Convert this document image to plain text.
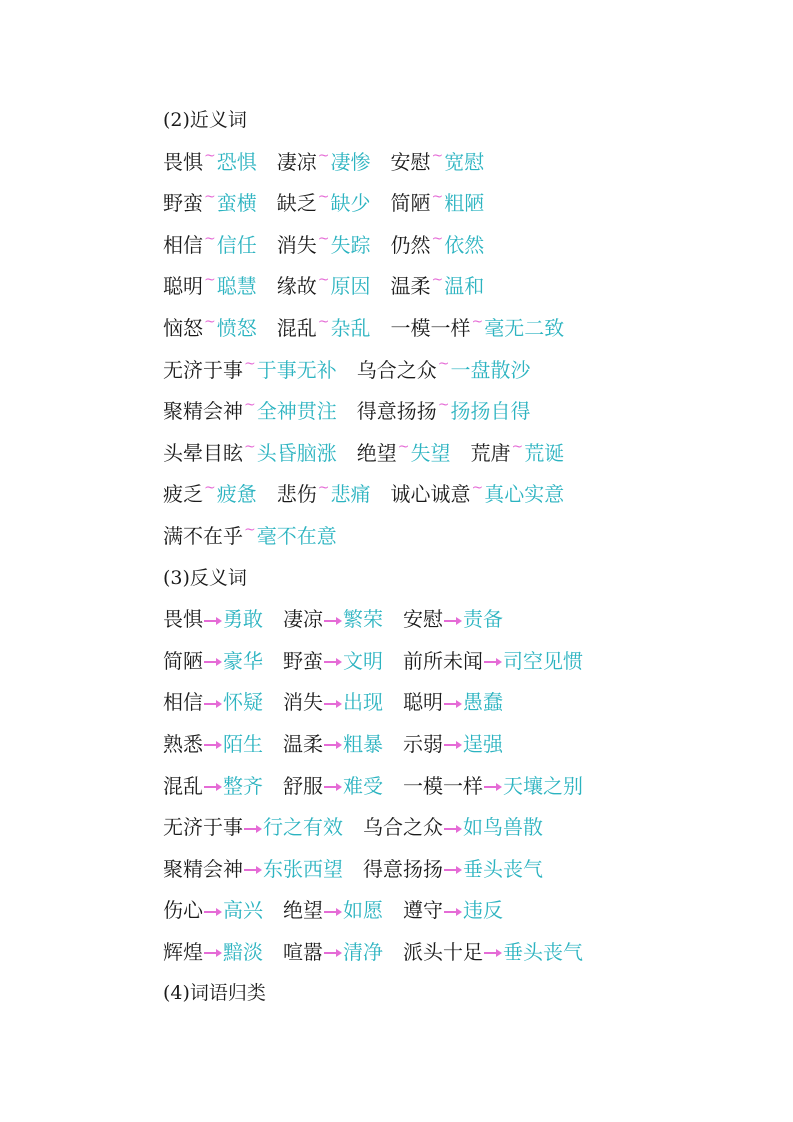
(2)近义词
畏惧~恐惧 凄凉~凄惨 安慰~宽慰
野蛮~蛮横 缺乏~缺少 简陋~粗陋
相信~信任 消失~失踪 仍然~依然
聪明~聪慧 缘故~原因 温柔~温和
恼怒~愤怒 混乱~杂乱 一模一样~毫无二致
无济于事~于事无补 乌合之众~一盘散沙
聚精会神~全神贯注 得意扬扬~扬扬自得
头晕目眩~头昏脑涨 绝望~失望 荒唐~荒诞
疲乏~疲惫 悲伤~悲痛 诚心诚意~真心实意
满不在乎~毫不在意
(3)反义词
畏惧 勇敢 凄凉 繁荣 安慰 责备
简陋 豪华 野蛮 文明 前所未闻 司空见惯
相信 怀疑 消失 出现 聪明 愚蠢
熟悉 陌生 温柔 粗暴 示弱 逞强
混乱 整齐 舒服 难受 一模一样 天壤之别
无济于事 行之有效 乌合之众 如鸟兽散
聚精会神 东张西望 得意扬扬 垂头丧气
伤心 高兴 绝望 如愿 遵守 违反
辉煌 黯淡 喧嚣 清净 派头十足 垂头丧气
(4)词语归类
